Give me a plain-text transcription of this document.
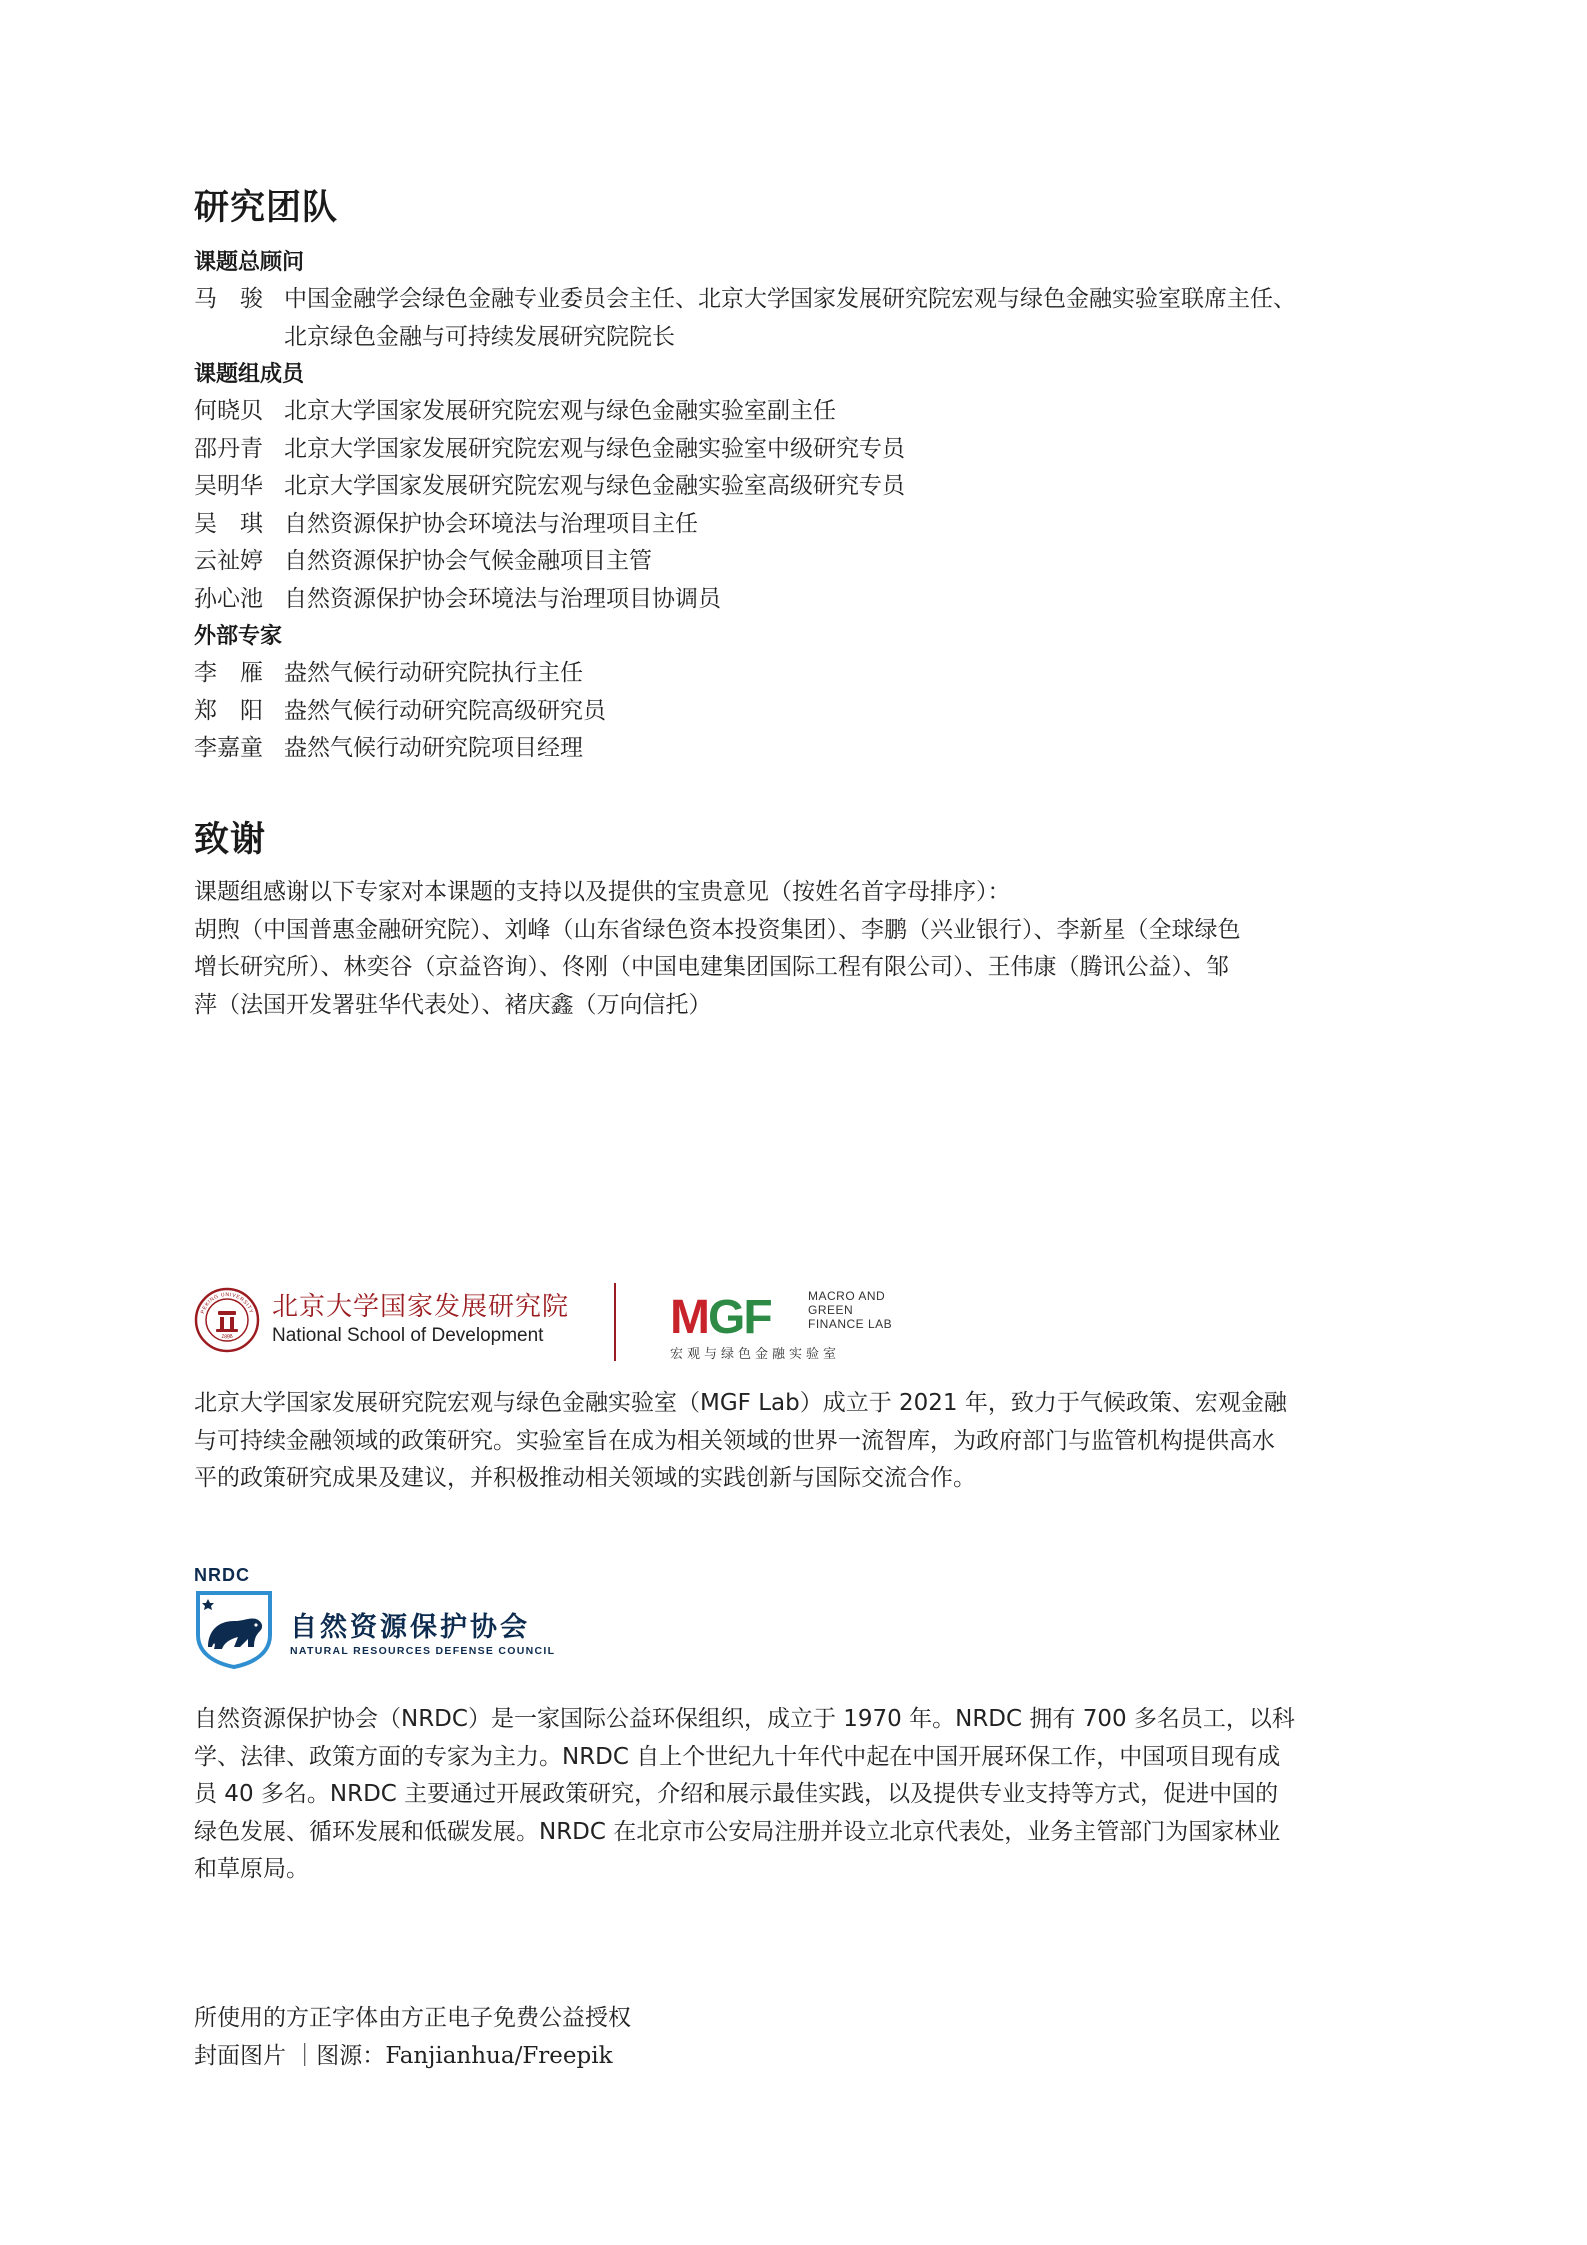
研究团队
课题总顾问
马　骏 中国金融学会绿色金融专业委员会主任、北京大学国家发展研究院宏观与绿色金融实验室联席主任、
北京绿色金融与可持续发展研究院院长
课题组成员
何晓贝 北京大学国家发展研究院宏观与绿色金融实验室副主任
邵丹青 北京大学国家发展研究院宏观与绿色金融实验室中级研究专员
吴明华 北京大学国家发展研究院宏观与绿色金融实验室高级研究专员
吴　琪 自然资源保护协会环境法与治理项目主任
云祉婷 自然资源保护协会气候金融项目主管
孙心池 自然资源保护协会环境法与治理项目协调员
外部专家
李　雁 盎然气候行动研究院执行主任
郑　阳 盎然气候行动研究院高级研究员
李嘉童 盎然气候行动研究院项目经理
致谢

课题组感谢以下专家对本课题的支持以及提供的宝贵意见（按姓名首字母排序）：

胡煦（中国普惠金融研究院）、刘峰（山东省绿色资本投资集团）、李鹏（兴业银行）、李新星（全球绿色

增长研究所）、林奕谷（京益咨询）、佟刚（中国电建集团国际工程有限公司）、王伟康（腾讯公益）、邹

萍（法国开发署驻华代表处）、褚庆鑫（万向信托）

PEKING UNIVERSITY
1898
北京大学国家发展研究院
National School of Development	MGF	MACRO AND
GREEN
FINANCE LAB
宏观与绿色金融实验室

北京大学国家发展研究院宏观与绿色金融实验室（MGF Lab）成立于 2021 年，致力于气候政策、宏观金融

与可持续金融领域的政策研究。实验室旨在成为相关领域的世界一流智库，为政府部门与监管机构提供高水

平的政策研究成果及建议，并积极推动相关领域的实践创新与国际交流合作。

NRDC
自然资源保护协会
NATURAL RESOURCES DEFENSE COUNCIL

自然资源保护协会（NRDC）是一家国际公益环保组织，成立于 1970 年。NRDC 拥有 700 多名员工，以科

学、法律、政策方面的专家为主力。NRDC 自上个世纪九十年代中起在中国开展环保工作，中国项目现有成

员 40 多名。NRDC 主要通过开展政策研究，介绍和展示最佳实践，以及提供专业支持等方式，促进中国的

绿色发展、循环发展和低碳发展。NRDC 在北京市公安局注册并设立北京代表处，业务主管部门为国家林业

和草原局。

所使用的方正字体由方正电子免费公益授权
封面图片 ｜图源：Fanjianhua/Freepik
